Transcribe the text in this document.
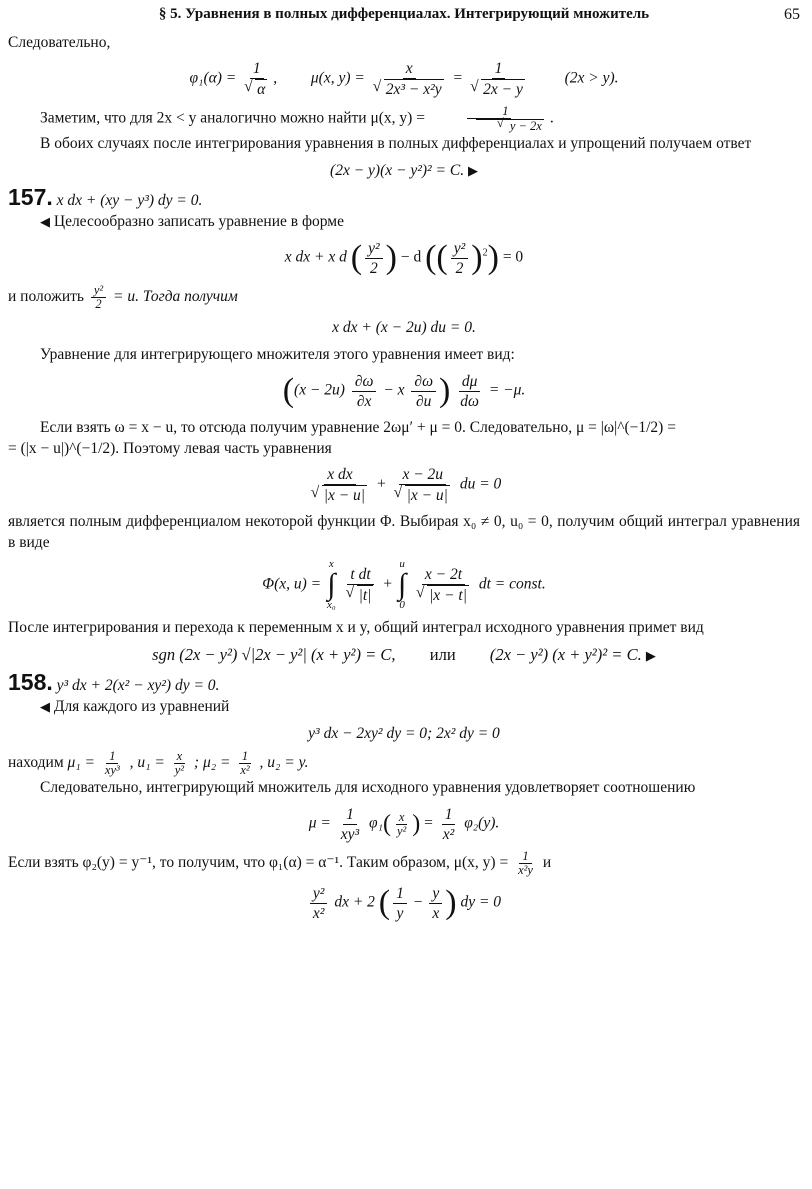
§ 5. Уравнения в полных дифференциалах. Интегрирующий множитель	65

Следовательно,

φ₁(α) = 1
√ α ,  μ(x, y) = x
√ 2x³ − x²y = 1
√ 2x − y (2x > y).

Заметим, что для 2x < y аналогично можно найти μ(x, y) = 1
√ y − 2x .

В обоих случаях после интегрирования уравнения в полных дифференциалах и упрощений получаем ответ

(2x − y)(x − y²)² = C. ▶

157. x dx + (xy − y³) dy = 0.

◀ Целесообразно записать уравнение в форме

x dx + x d ( $\frac{\text{y²}}{2}$ ) − d (( $\frac{\text{y²}}{2} )^2) = 0$

и положить $\frac{\text{y²}}{2} = u$. Тогда получим

x dx + (x − 2u) du = 0.

Уравнение для интегрирующего множителя этого уравнения имеет вид:

($(x - 2u) \frac{\partial\omega}{\partial x} - x \frac{\partial\omega}{\partial u}$ ) $\frac{d\mu}{d\omega} = -\mu$.

Если взять ω = x − u, то отсюда получим уравнение 2ωμ′ + μ = 0. Следовательно, μ = |ω|^(−1/2) =

= (|x − u|)^(−1/2). Поэтому левая часть уравнения

x dx
√ |x − u| + x − 2u
√ |x − u| du = 0

является полным дифференциалом некоторой функции Φ. Выбирая x₀ ≠ 0, u₀ = 0, получим общий интеграл уравнения в виде

Φ(x, u) =
x
∫
x₀
t dt
√ |t| +
u
∫
0
x − 2t
√ |x − t| dt = const.

После интегрирования и перехода к переменным x и y, общий интеграл исходного уравнения примет вид

sgn (2x − y²) √|2x − y²| (x + y²) = C, или (2x − y²) (x + y²)² = C. ▶

158. y³ dx + 2(x² − xy²) dy = 0.

◀ Для каждого из уравнений

y³ dx − 2xy² dy = 0; 2x² dy = 0

находим $\mu_1 = \frac{1}{\text{xy³}}$ , $u_1 = \frac{x}{\text{y²}}$ ; $\mu_2 = \frac{1}{\text{x²}}$ , u₂ = y.

Следовательно, интегрирующий множитель для исходного уравнения удовлетворяет соотношению

$\mu = \frac{1}{\text{xy³}} \varphi_1( \frac{x}{\text{y²}}$ ) = $\frac{1}{\text{x²}} \varphi_2(y)$.

Если взять φ₂(y) = y⁻¹, то получим, что φ₁(α) = α⁻¹. Таким образом, μ(x, $y) = \frac{1}{\text{x²y}}$ и

$\frac{\text{y²}}{\text{x²}}$ dx + 2 ( $\frac{1}{y} - \frac{y}{x}$ ) dy = 0
